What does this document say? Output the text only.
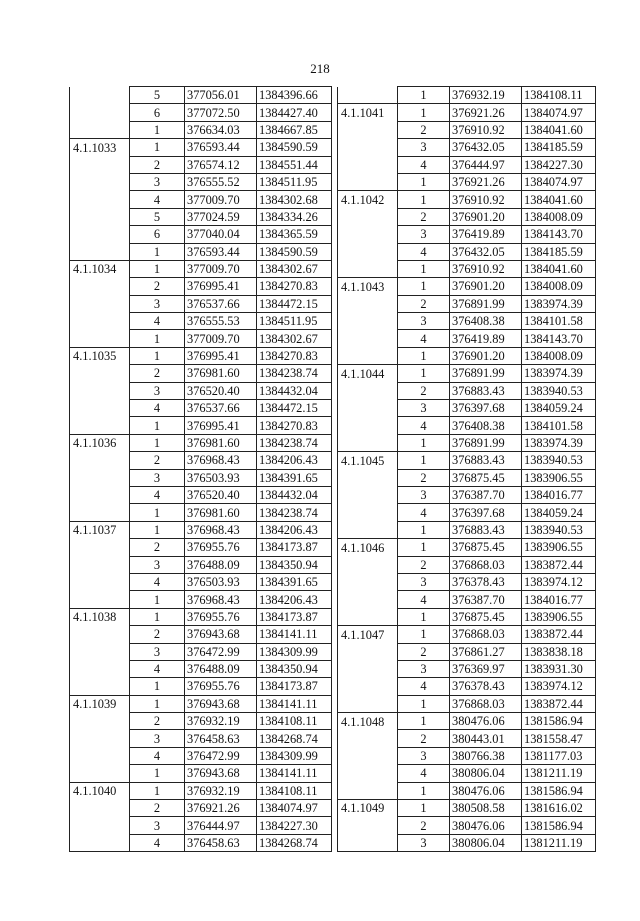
218
	5	377056.01	1384396.66
	6	377072.50	1384427.40
	1	376634.03	1384667.85
4.1.1033	1	376593.44	1384590.59
	2	376574.12	1384551.44
	3	376555.52	1384511.95
	4	377009.70	1384302.68
	5	377024.59	1384334.26
	6	377040.04	1384365.59
	1	376593.44	1384590.59
4.1.1034	1	377009.70	1384302.67
	2	376995.41	1384270.83
	3	376537.66	1384472.15
	4	376555.53	1384511.95
	1	377009.70	1384302.67
4.1.1035	1	376995.41	1384270.83
	2	376981.60	1384238.74
	3	376520.40	1384432.04
	4	376537.66	1384472.15
	1	376995.41	1384270.83
4.1.1036	1	376981.60	1384238.74
	2	376968.43	1384206.43
	3	376503.93	1384391.65
	4	376520.40	1384432.04
	1	376981.60	1384238.74
4.1.1037	1	376968.43	1384206.43
	2	376955.76	1384173.87
	3	376488.09	1384350.94
	4	376503.93	1384391.65
	1	376968.43	1384206.43
4.1.1038	1	376955.76	1384173.87
	2	376943.68	1384141.11
	3	376472.99	1384309.99
	4	376488.09	1384350.94
	1	376955.76	1384173.87
4.1.1039	1	376943.68	1384141.11
	2	376932.19	1384108.11
	3	376458.63	1384268.74
	4	376472.99	1384309.99
	1	376943.68	1384141.11
4.1.1040	1	376932.19	1384108.11
	2	376921.26	1384074.97
	3	376444.97	1384227.30
	4	376458.63	1384268.74
	1	376932.19	1384108.11
4.1.1041	1	376921.26	1384074.97
	2	376910.92	1384041.60
	3	376432.05	1384185.59
	4	376444.97	1384227.30
	1	376921.26	1384074.97
4.1.1042	1	376910.92	1384041.60
	2	376901.20	1384008.09
	3	376419.89	1384143.70
	4	376432.05	1384185.59
	1	376910.92	1384041.60
4.1.1043	1	376901.20	1384008.09
	2	376891.99	1383974.39
	3	376408.38	1384101.58
	4	376419.89	1384143.70
	1	376901.20	1384008.09
4.1.1044	1	376891.99	1383974.39
	2	376883.43	1383940.53
	3	376397.68	1384059.24
	4	376408.38	1384101.58
	1	376891.99	1383974.39
4.1.1045	1	376883.43	1383940.53
	2	376875.45	1383906.55
	3	376387.70	1384016.77
	4	376397.68	1384059.24
	1	376883.43	1383940.53
4.1.1046	1	376875.45	1383906.55
	2	376868.03	1383872.44
	3	376378.43	1383974.12
	4	376387.70	1384016.77
	1	376875.45	1383906.55
4.1.1047	1	376868.03	1383872.44
	2	376861.27	1383838.18
	3	376369.97	1383931.30
	4	376378.43	1383974.12
	1	376868.03	1383872.44
4.1.1048	1	380476.06	1381586.94
	2	380443.01	1381558.47
	3	380766.38	1381177.03
	4	380806.04	1381211.19
	1	380476.06	1381586.94
4.1.1049	1	380508.58	1381616.02
	2	380476.06	1381586.94
	3	380806.04	1381211.19
